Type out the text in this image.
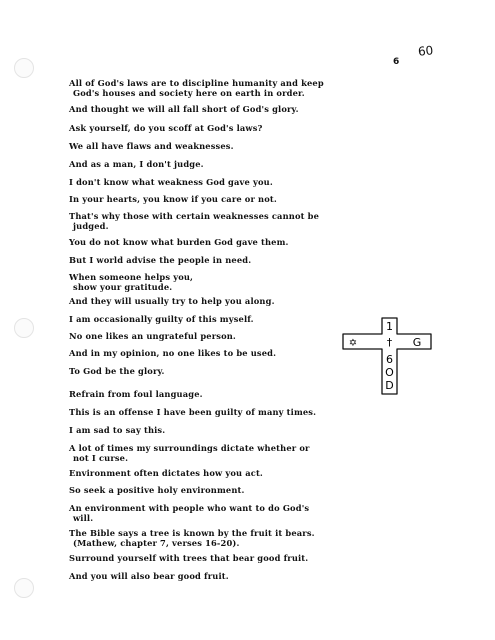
6
60

All of God's laws are to discipline humanity and keep
God's houses and society here on earth in order.

And thought we will all fall short of God's glory.

Ask yourself, do you scoff at God's laws?

We all have flaws and weaknesses.

And as a man, I don't judge.

I don't know what weakness God gave you.

In your hearts, you know if you care or not.

That's why those with certain weaknesses cannot be
judged.

You do not know what burden God gave them.

But I world advise the people in need.

When someone helps you,
show your gratitude.

And they will usually try to help you along.

I am occasionally guilty of this myself.

No one likes an ungrateful person.

And in my opinion, no one likes to be used.

To God be the glory.

Refrain from foul language.

This is an offense I have been guilty of many times.

I am sad to say this.

A lot of times my surroundings dictate whether or
not I curse.

Environment often dictates how you act.

So seek a positive holy environment.

An environment with people who want to do God's
will.

The Bible says a tree is known by the fruit it bears.
(Mathew, chapter 7, verses 16-20).

Surround yourself with trees that bear good fruit.

And you will also bear good fruit.

1
✡	† G
6
O
D
